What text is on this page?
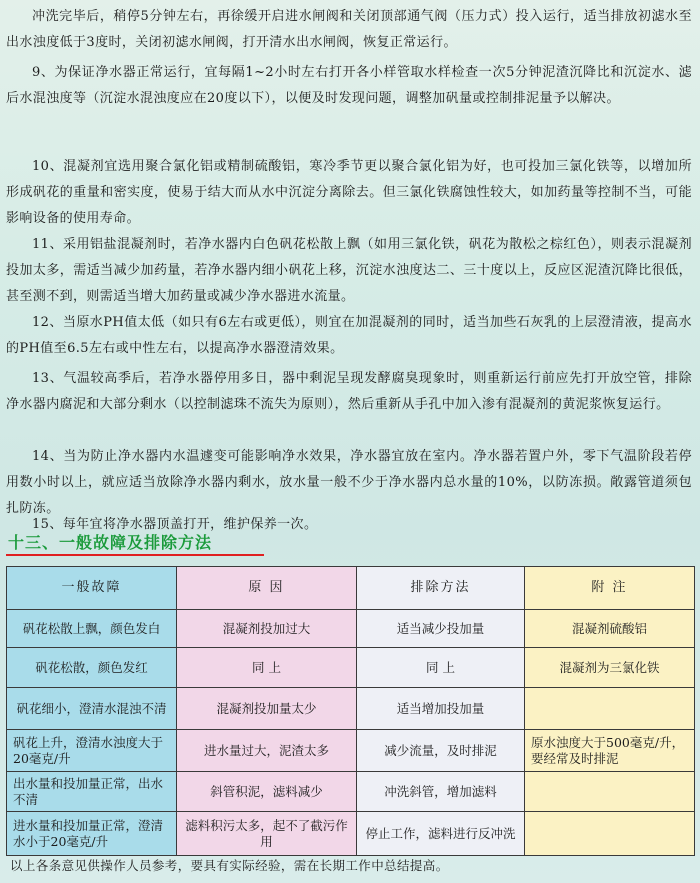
冲洗完毕后，稍停5分钟左右，再徐缓开启进水闸阀和关闭顶部通气阀（压力式）投入运行，适当排放初滤水至出水浊度低于3度时，关闭初滤水闸阀，打开清水出水闸阀，恢复正常运行。
9、为保证净水器正常运行，宜每隔1~2小时左右打开各小样管取水样检查一次5分钟泥渣沉降比和沉淀水、滤后水混浊度等（沉淀水混浊度应在20度以下），以便及时发现问题，调整加矾量或控制排泥量予以解决。
10、混凝剂宜选用聚合氯化铝或精制硫酸铝，寒冷季节更以聚合氯化铝为好，也可投加三氯化铁等，以增加所形成矾花的重量和密实度，使易于结大而从水中沉淀分离除去。但三氯化铁腐蚀性较大，如加药量等控制不当，可能影响设备的使用寿命。
11、采用铝盐混凝剂时，若净水器内白色矾花松散上飘（如用三氯化铁，矾花为散松之棕红色），则表示混凝剂投加太多，需适当减少加药量，若净水器内细小矾花上移，沉淀水浊度达二、三十度以上，反应区泥渣沉降比很低，甚至测不到，则需适当增大加药量或减少净水器进水流量。
12、当原水PH值太低（如只有6左右或更低），则宜在加混凝剂的同时，适当加些石灰乳的上层澄清液，提高水的PH值至6.5左右或中性左右，以提高净水器澄清效果。
13、气温较高季后，若净水器停用多日，器中剩泥呈现发酵腐臭现象时，则重新运行前应先打开放空管，排除净水器内腐泥和大部分剩水（以控制滤珠不流失为原则），然后重新从手孔中加入渗有混凝剂的黄泥浆恢复运行。
14、当为防止净水器内水温遽变可能影响净水效果，净水器宜放在室内。净水器若置户外，零下气温阶段若停用数小时以上，就应适当放除净水器内剩水，放水量一般不少于净水器内总水量的10%，以防冻损。敞露管道须包扎防冻。
15、每年宜将净水器顶盖打开，维护保养一次。
十三、一般故障及排除方法
一般故障	原 因	排除方法	附 注
矾花松散上飘，颜色发白	混凝剂投加过大	适当减少投加量	混凝剂硫酸铝
矾花松散，颜色发红	同 上	同 上	混凝剂为三氯化铁
矾花细小，澄清水混浊不清	混凝剂投加量太少	适当增加投加量	
矾花上升，澄清水浊度大于20毫克/升	进水量过大，泥渣太多	减少流量，及时排泥	原水浊度大于500毫克/升，要经常及时排泥
出水量和投加量正常，出水不清	斜管积泥，滤料减少	冲洗斜管，增加滤料	
进水量和投加量正常，澄清水小于20毫克/升	滤料积污太多，起不了截污作用	停止工作，滤料进行反冲洗	
以上各条意见供操作人员参考，要具有实际经验，需在长期工作中总结提高。
